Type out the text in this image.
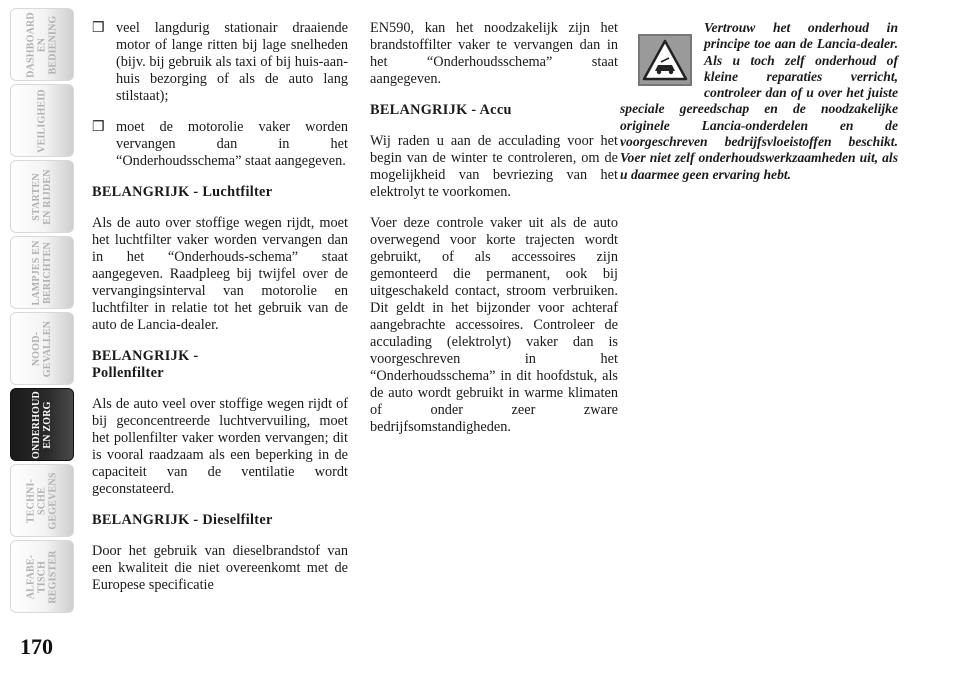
DASHBOARD
EN
BEDIENING
VEILIGHEID
STARTEN
EN RIJDEN
LAMPJES EN
BERICHTEN
NOOD-
GEVALLEN
ONDERHOUD
EN ZORG
TECHNI-
SCHE
GEGEVENS
ALFABE-
TISCH
REGISTER
170
❒ veel langdurig stationair draaiende motor of lange ritten bij lage snelheden (bijv. bij gebruik als taxi of bij huis-aan-huis bezorging of als de auto lang stilstaat);
❒ moet de motorolie vaker worden vervangen dan in het “Onderhoudsschema” staat aangegeven.

BELANGRIJK - Luchtfilter

Als de auto over stoffige wegen rijdt, moet het luchtfilter vaker worden vervangen dan in het “Onderhouds-schema” staat aangegeven. Raadpleeg bij twijfel over de vervangingsinterval van motorolie en luchtfilter in relatie tot het gebruik van de auto de Lancia-dealer.

BELANGRIJK -

Pollenfilter

Als de auto veel over stoffige wegen rijdt of bij geconcentreerde luchtvervuiling, moet het pollenfilter vaker worden vervangen; dit is vooral raadzaam als een beperking in de capaciteit van de ventilatie wordt geconstateerd.

BELANGRIJK - Dieselfilter

Door het gebruik van dieselbrandstof van een kwaliteit die niet overeenkomt met de Europese specificatie

EN590, kan het noodzakelijk zijn het brandstoffilter vaker te vervangen dan in het “Onderhoudsschema” staat aangegeven.

BELANGRIJK - Accu

Wij raden u aan de acculading voor het begin van de winter te controleren, om de mogelijkheid van bevriezing van het elektrolyt te voorkomen.

Voer deze controle vaker uit als de auto overwegend voor korte trajecten wordt gebruikt, of als accessoires zijn gemonteerd die permanent, ook bij uitgeschakeld contact, stroom verbruiken. Dit geldt in het bijzonder voor achteraf aangebrachte accessoires. Controleer de acculading (elektrolyt) vaker dan is voorgeschreven in het “Onderhoudsschema” in dit hoofdstuk, als de auto wordt gebruikt in warme klimaten of onder zeer zware bedrijfsomstandigheden.

Vertrouw het onderhoud in principe toe aan de Lancia-dealer. Als u toch zelf onderhoud of kleine reparaties verricht, controleer dan of u over het juiste speciale gereedschap en de noodzakelijke originele Lancia-onderdelen en de voorgeschreven bedrijfsvloeistoffen beschikt. Voer niet zelf onderhoudswerkzaamheden uit, als u daarmee geen ervaring hebt.
